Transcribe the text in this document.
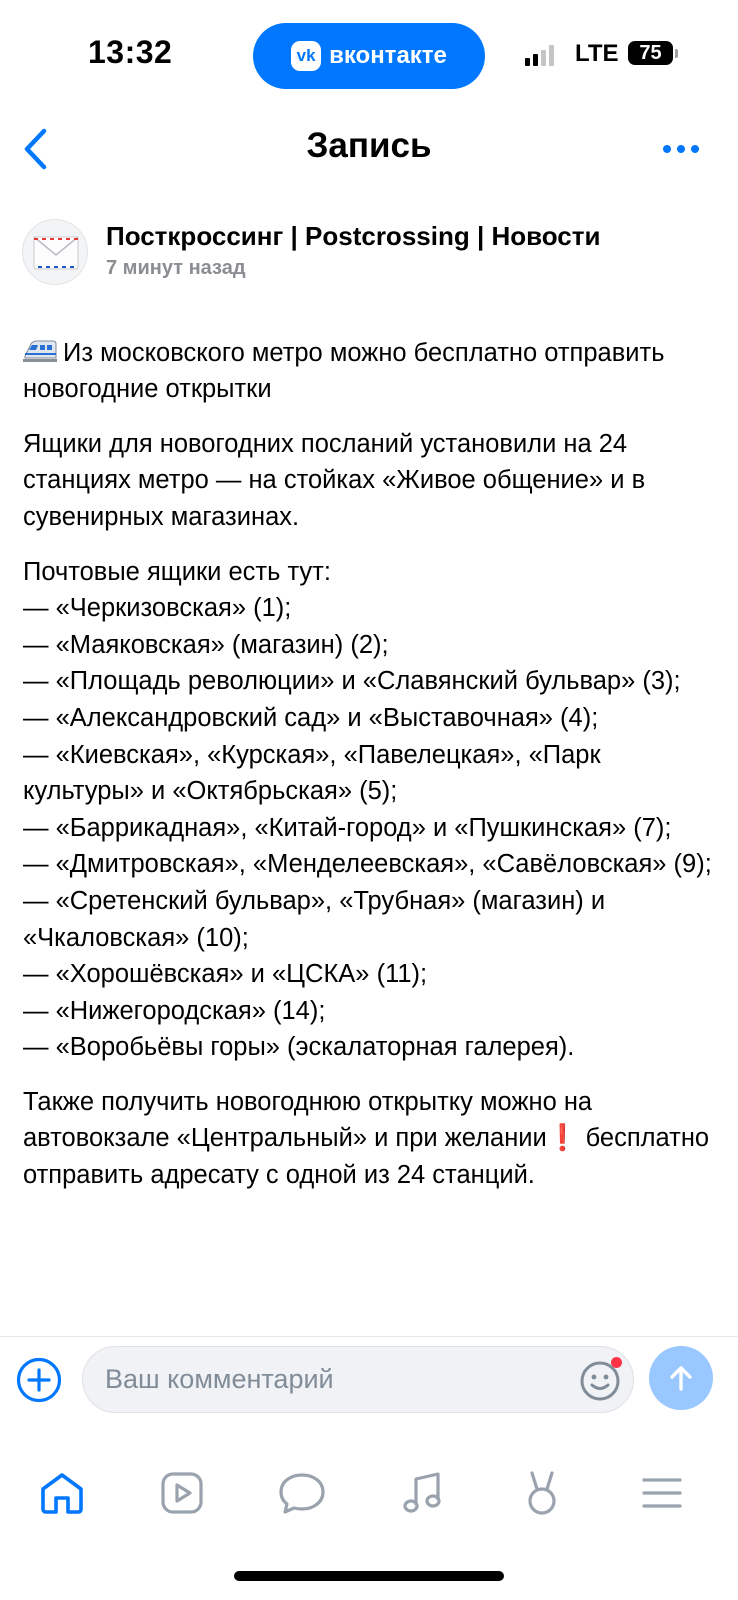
13:32	vk вконтакте	LTE 75
Запись
Посткроссинг | Postcrossing | Новости
7 минут назад

Из московского метро можно бесплатно отправить новогодние открытки

Ящики для новогодних посланий установили на 24 станциях метро — на стойках «Живое общение» и в сувенирных магазинах.

Почтовые ящики есть тут:
— «Черкизовская» (1);
— «Маяковская» (магазин) (2);
— «Площадь революции» и «Славянский бульвар» (3);
— «Александровский сад» и «Выставочная» (4);
— «Киевская», «Курская», «Павелецкая», «Парк культуры» и «Октябрьская» (5);
— «Баррикадная», «Китай-город» и «Пушкинская» (7);
— «Дмитровская», «Менделеевская», «Савёловская» (9);
— «Сретенский бульвар», «Трубная» (магазин) и «Чкаловская» (10);
— «Хорошёвская» и «ЦСКА» (11);
— «Нижегородская» (14);
— «Воробьёвы горы» (эскалаторная галерея).

Также получить новогоднюю открытку можно на автовокзале «Центральный» и при желании❗ бесплатно отправить адресату с одной из 24 станций.

Ваш комментарий
